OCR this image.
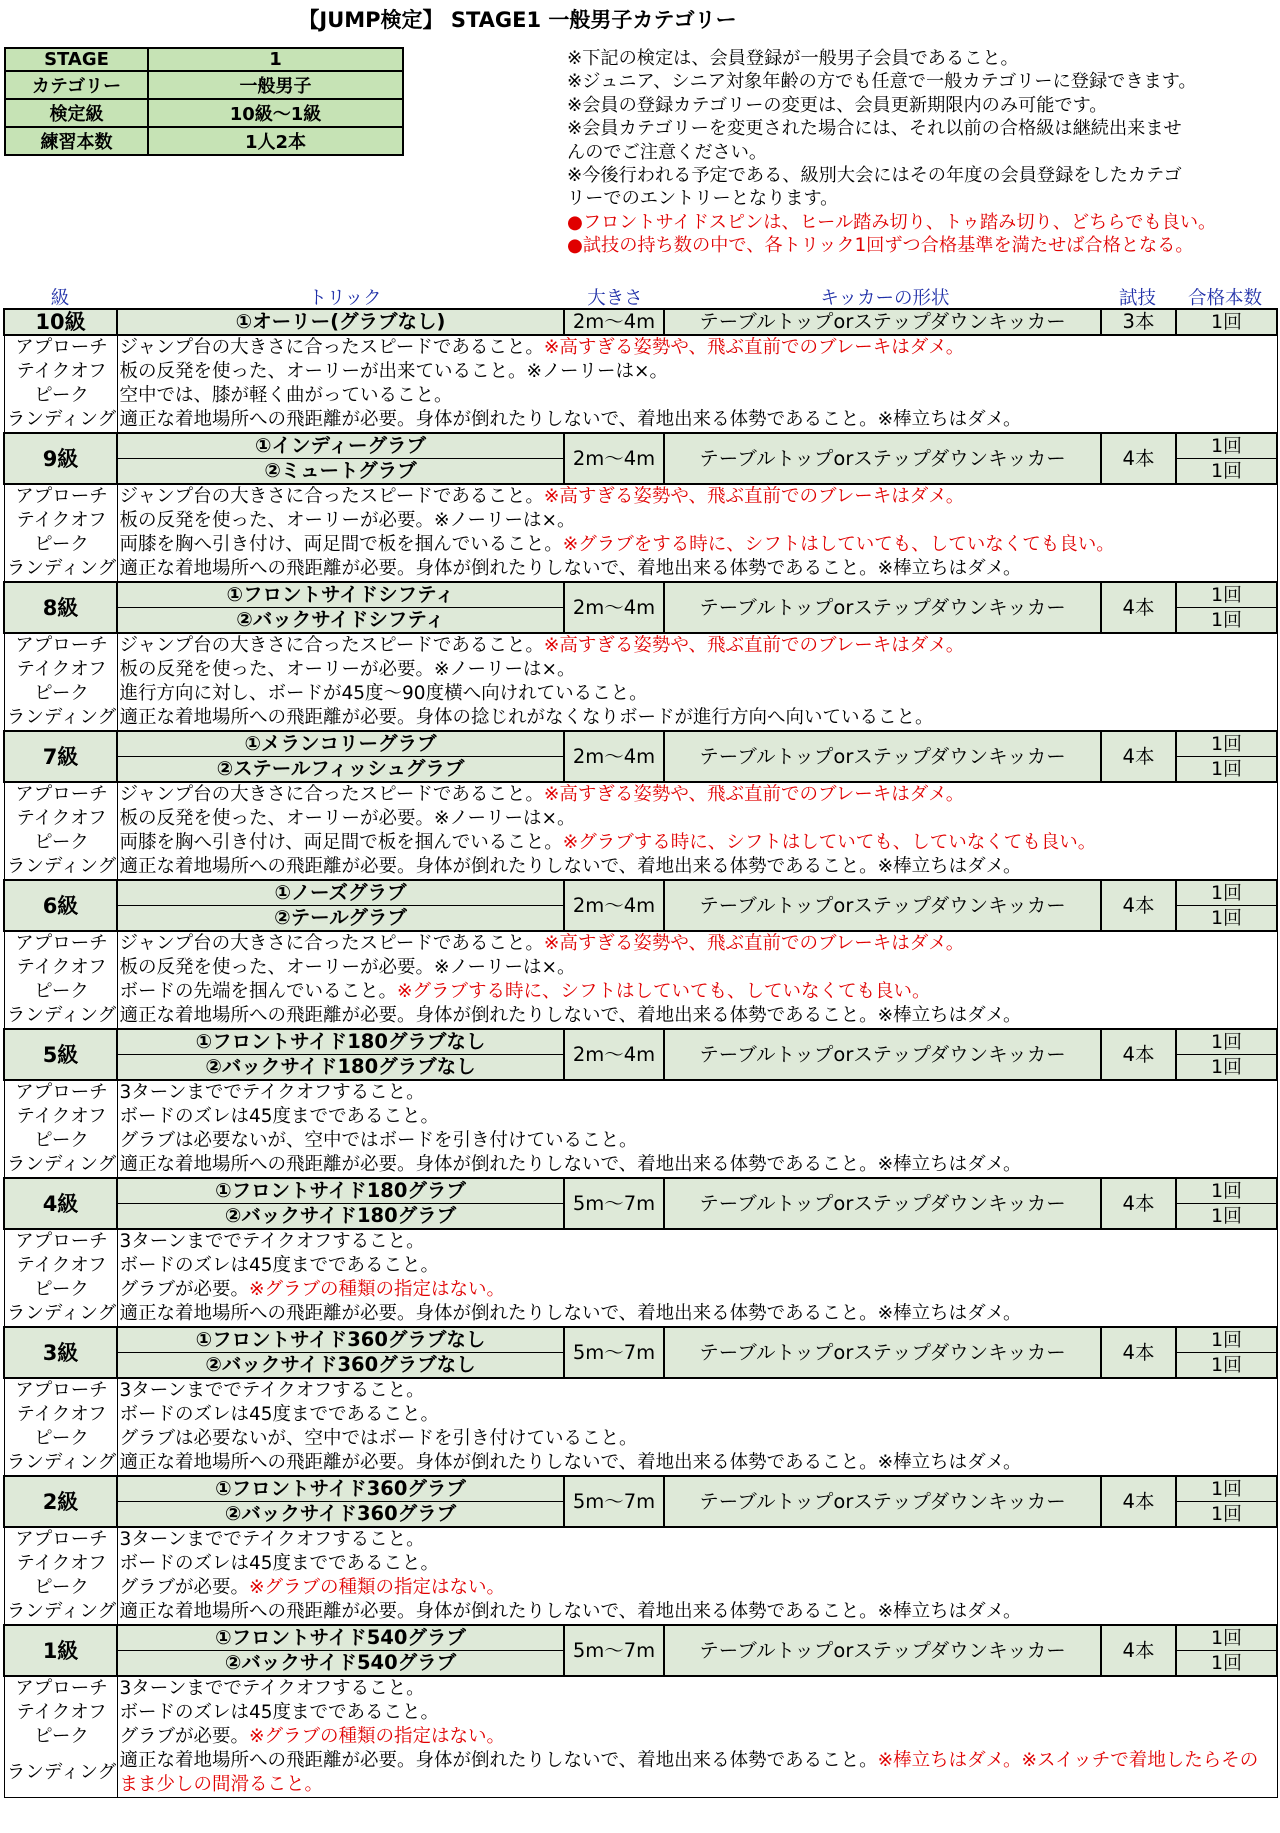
【JUMP検定】 STAGE1 一般男子カテゴリー
STAGE	1
カテゴリー	一般男子
検定級	10級～1級
練習本数	1人2本
※下記の検定は、会員登録が一般男子会員であること。
※ジュニア、シニア対象年齢の方でも任意で一般カテゴリーに登録できます。
※会員の登録カテゴリーの変更は、会員更新期限内のみ可能です。
※会員カテゴリーを変更された場合には、それ以前の合格級は継続出来ませ
んのでご注意ください。
※今後行われる予定である、級別大会にはその年度の会員登録をしたカテゴ
リーでのエントリーとなります。
●フロントサイドスピンは、ヒール踏み切り、トゥ踏み切り、どちらでも良い。
●試技の持ち数の中で、各トリック1回ずつ合格基準を満たせば合格となる。
級	トリック	大きさ	キッカーの形状	試技	合格本数
10級	①オーリー(グラブなし)	2m～4m	テーブルトップorステップダウンキッカー	3本	1回
アプローチ	ジャンプ台の大きさに合ったスピードであること。※高すぎる姿勢や、飛ぶ直前でのブレーキはダメ。				
テイクオフ	板の反発を使った、オーリーが出来ていること。※ノーリーは×。				
ピーク	空中では、膝が軽く曲がっていること。				
ランディング	適正な着地場所への飛距離が必要。身体が倒れたりしないで、着地出来る体勢であること。※棒立ちはダメ。				
9級	①インディーグラブ	2m～4m	テーブルトップorステップダウンキッカー	4本	1回
	②ミュートグラブ				1回
アプローチ	ジャンプ台の大きさに合ったスピードであること。※高すぎる姿勢や、飛ぶ直前でのブレーキはダメ。				
テイクオフ	板の反発を使った、オーリーが必要。※ノーリーは×。				
ピーク	両膝を胸へ引き付け、両足間で板を掴んでいること。※グラブをする時に、シフトはしていても、していなくても良い。				
ランディング	適正な着地場所への飛距離が必要。身体が倒れたりしないで、着地出来る体勢であること。※棒立ちはダメ。				
8級	①フロントサイドシフティ	2m～4m	テーブルトップorステップダウンキッカー	4本	1回
	②バックサイドシフティ				1回
アプローチ	ジャンプ台の大きさに合ったスピードであること。※高すぎる姿勢や、飛ぶ直前でのブレーキはダメ。				
テイクオフ	板の反発を使った、オーリーが必要。※ノーリーは×。				
ピーク	進行方向に対し、ボードが45度～90度横へ向けれていること。				
ランディング	適正な着地場所への飛距離が必要。身体の捻じれがなくなりボードが進行方向へ向いていること。				
7級	①メランコリーグラブ	2m～4m	テーブルトップorステップダウンキッカー	4本	1回
	②ステールフィッシュグラブ				1回
アプローチ	ジャンプ台の大きさに合ったスピードであること。※高すぎる姿勢や、飛ぶ直前でのブレーキはダメ。				
テイクオフ	板の反発を使った、オーリーが必要。※ノーリーは×。				
ピーク	両膝を胸へ引き付け、両足間で板を掴んでいること。※グラブする時に、シフトはしていても、していなくても良い。				
ランディング	適正な着地場所への飛距離が必要。身体が倒れたりしないで、着地出来る体勢であること。※棒立ちはダメ。				
6級	①ノーズグラブ	2m～4m	テーブルトップorステップダウンキッカー	4本	1回
	②テールグラブ				1回
アプローチ	ジャンプ台の大きさに合ったスピードであること。※高すぎる姿勢や、飛ぶ直前でのブレーキはダメ。				
テイクオフ	板の反発を使った、オーリーが必要。※ノーリーは×。				
ピーク	ボードの先端を掴んでいること。※グラブする時に、シフトはしていても、していなくても良い。				
ランディング	適正な着地場所への飛距離が必要。身体が倒れたりしないで、着地出来る体勢であること。※棒立ちはダメ。				
5級	①フロントサイド180グラブなし	2m～4m	テーブルトップorステップダウンキッカー	4本	1回
	②バックサイド180グラブなし				1回
アプローチ	3ターンまででテイクオフすること。				
テイクオフ	ボードのズレは45度までであること。				
ピーク	グラブは必要ないが、空中ではボードを引き付けていること。				
ランディング	適正な着地場所への飛距離が必要。身体が倒れたりしないで、着地出来る体勢であること。※棒立ちはダメ。				
4級	①フロントサイド180グラブ	5m～7m	テーブルトップorステップダウンキッカー	4本	1回
	②バックサイド180グラブ				1回
アプローチ	3ターンまででテイクオフすること。				
テイクオフ	ボードのズレは45度までであること。				
ピーク	グラブが必要。※グラブの種類の指定はない。				
ランディング	適正な着地場所への飛距離が必要。身体が倒れたりしないで、着地出来る体勢であること。※棒立ちはダメ。				
3級	①フロントサイド360グラブなし	5m～7m	テーブルトップorステップダウンキッカー	4本	1回
	②バックサイド360グラブなし				1回
アプローチ	3ターンまででテイクオフすること。				
テイクオフ	ボードのズレは45度までであること。				
ピーク	グラブは必要ないが、空中ではボードを引き付けていること。				
ランディング	適正な着地場所への飛距離が必要。身体が倒れたりしないで、着地出来る体勢であること。※棒立ちはダメ。				
2級	①フロントサイド360グラブ	5m～7m	テーブルトップorステップダウンキッカー	4本	1回
	②バックサイド360グラブ				1回
アプローチ	3ターンまででテイクオフすること。				
テイクオフ	ボードのズレは45度までであること。				
ピーク	グラブが必要。※グラブの種類の指定はない。				
ランディング	適正な着地場所への飛距離が必要。身体が倒れたりしないで、着地出来る体勢であること。※棒立ちはダメ。				
1級	①フロントサイド540グラブ	5m～7m	テーブルトップorステップダウンキッカー	4本	1回
	②バックサイド540グラブ				1回
アプローチ	3ターンまででテイクオフすること。				
テイクオフ	ボードのズレは45度までであること。				
ピーク	グラブが必要。※グラブの種類の指定はない。				
ランディング	適正な着地場所への飛距離が必要。身体が倒れたりしないで、着地出来る体勢であること。※棒立ちはダメ。※スイッチで着地したらそのまま少しの間滑ること。				
